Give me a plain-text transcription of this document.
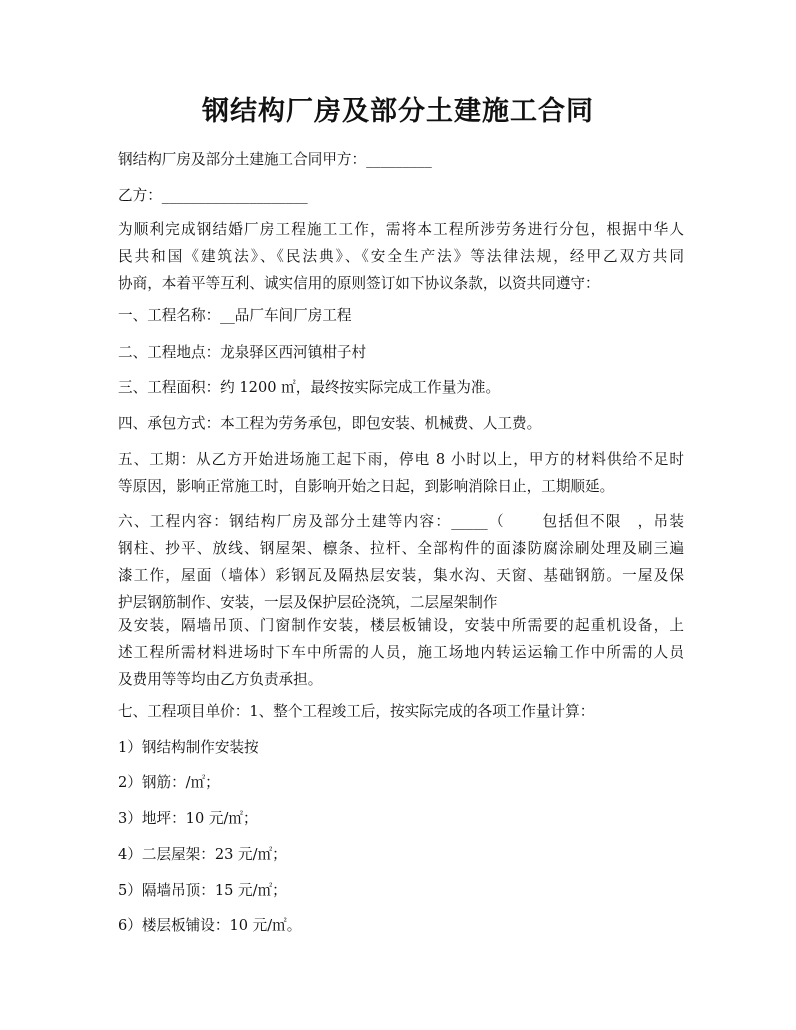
钢结构厂房及部分土建施工合同

钢结构厂房及部分土建施工合同甲方：_________

乙方：____________________

为顺利完成钢结婚厂房工程施工工作，需将本工程所涉劳务进行分包，根据中华人
民共和国《建筑法》、《民法典》、《安全生产法》等法律法规，经甲乙双方共同
协商，本着平等互利、诚实信用的原则签订如下协议条款，以资共同遵守：

一、工程名称：__品厂车间厂房工程

二、工程地点：龙泉驿区西河镇柑子村

三、工程面积：约 1200 ㎡，最终按实际完成工作量为准。

四、承包方式：本工程为劳务承包，即包安装、机械费、人工费。

五、工期：从乙方开始进场施工起下雨，停电 8 小时以上，甲方的材料供给不足时
等原因，影响正常施工时，自影响开始之日起，到影响消除日止，工期顺延。

六、工程内容：钢结构厂房及部分土建等内容：_____（　　 包括但不限　，吊装
钢柱、抄平、放线、钢屋架、檩条、拉杆、全部构件的面漆防腐涂刷处理及刷三遍
漆工作，屋面（墙体）彩钢瓦及隔热层安装，集水沟、天窗、基础钢筋。一屋及保
护层钢筋制作、安装，一层及保护层砼浇筑，二层屋架制作

及安装，隔墙吊顶、门窗制作安装，楼层板铺设，安装中所需要的起重机设备，上
述工程所需材料进场时下车中所需的人员，施工场地内转运运输工作中所需的人员
及费用等等均由乙方负责承担。

七、工程项目单价：1、整个工程竣工后，按实际完成的各项工作量计算：

1）钢结构制作安装按

2）钢筋：/㎡；

3）地坪：10 元/㎡；

4）二层屋架：23 元/㎡；

5）隔墙吊顶：15 元/㎡；

6）楼层板铺设：10 元/㎡。
